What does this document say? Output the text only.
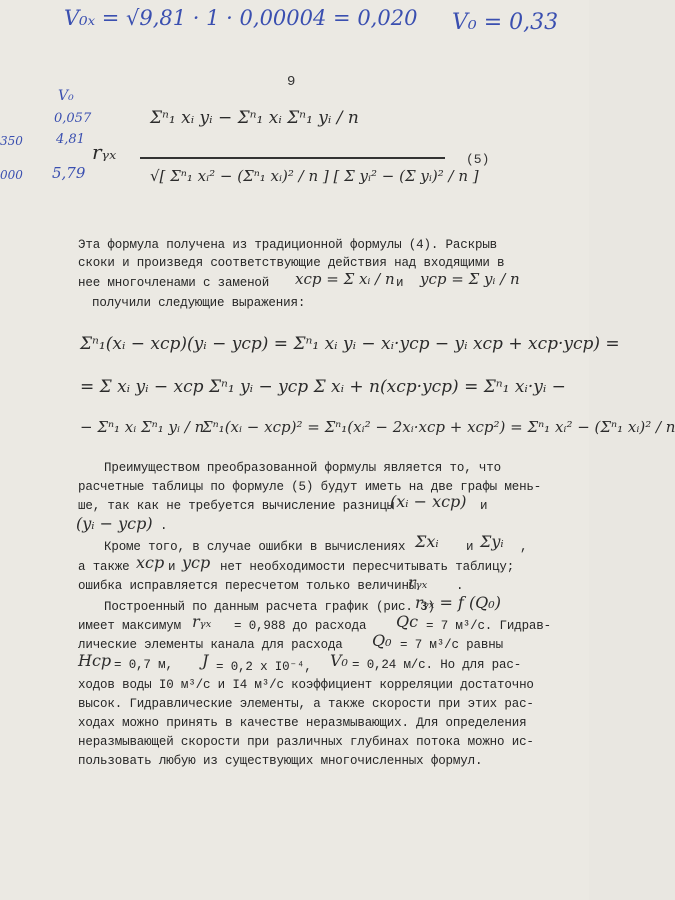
V₀ₓ = √9,81 · 1 · 0,00004 = 0,020 V₀ = 0,33
V₀
0,057
4,81
5,79
350
000
9
rᵧₓ
Σⁿ₁ xᵢ yᵢ − Σⁿ₁ xᵢ Σⁿ₁ yᵢ / n
√[ Σⁿ₁ xᵢ² − (Σⁿ₁ xᵢ)² / n ] [ Σ yᵢ² − (Σ yᵢ)² / n ]
(5)
Эта формула получена из традиционной формулы (4). Раскрыв
скоки и произведя соответствующие действия над входящими в
нее многочленами с заменой xcp = Σ xᵢ / n и ycp = Σ yᵢ / n
получили следующие выражения:
Σⁿ₁(xᵢ − xcp)(yᵢ − ycp) = Σⁿ₁ xᵢ yᵢ − xᵢ·ycp − yᵢ xcp + xcp·ycp) =
= Σ xᵢ yᵢ − xcp Σⁿ₁ yᵢ − ycp Σ xᵢ + n(xcp·ycp) = Σⁿ₁ xᵢ·yᵢ −
− Σⁿ₁ xᵢ Σⁿ₁ yᵢ / n
Σⁿ₁(xᵢ − xcp)² = Σⁿ₁(xᵢ² − 2xᵢ·xcp + xcp²) = Σⁿ₁ xᵢ² − (Σⁿ₁ xᵢ)² / n
Преимуществом преобразованной формулы является то, что
расчетные таблицы по формуле (5) будут иметь на две графы мень-
ше, так как не требуется вычисление разницы
(xᵢ − xcp) и
(yᵢ − ycp) .
Кроме того, в случае ошибки в вычислениях Σxᵢ и Σyᵢ ,
а также xcp и ycp нет необходимости пересчитывать таблицу;
ошибка исправляется пересчетом только величины
rᵧₓ .
Построенный по данным расчета график (рис. 3)
rᵧₓ = f (Q₀)
имеет максимум rᵧₓ = 0,988 до расхода Qc = 7 м³/с. Гидрав-
лические элементы канала для расхода Q₀ = 7 м³/с равны
Hcp = 0,7 м, J = 0,2 x I0⁻⁴, V₀ = 0,24 м/с. Но для рас-
ходов воды I0 м³/с и I4 м³/с коэффициент корреляции достаточно
высок. Гидравлические элементы, а также скорости при этих рас-
ходах можно принять в качестве неразмывающих. Для определения
неразмывающей скорости при различных глубинах потока можно ис-
пользовать любую из существующих многочисленных формул.
